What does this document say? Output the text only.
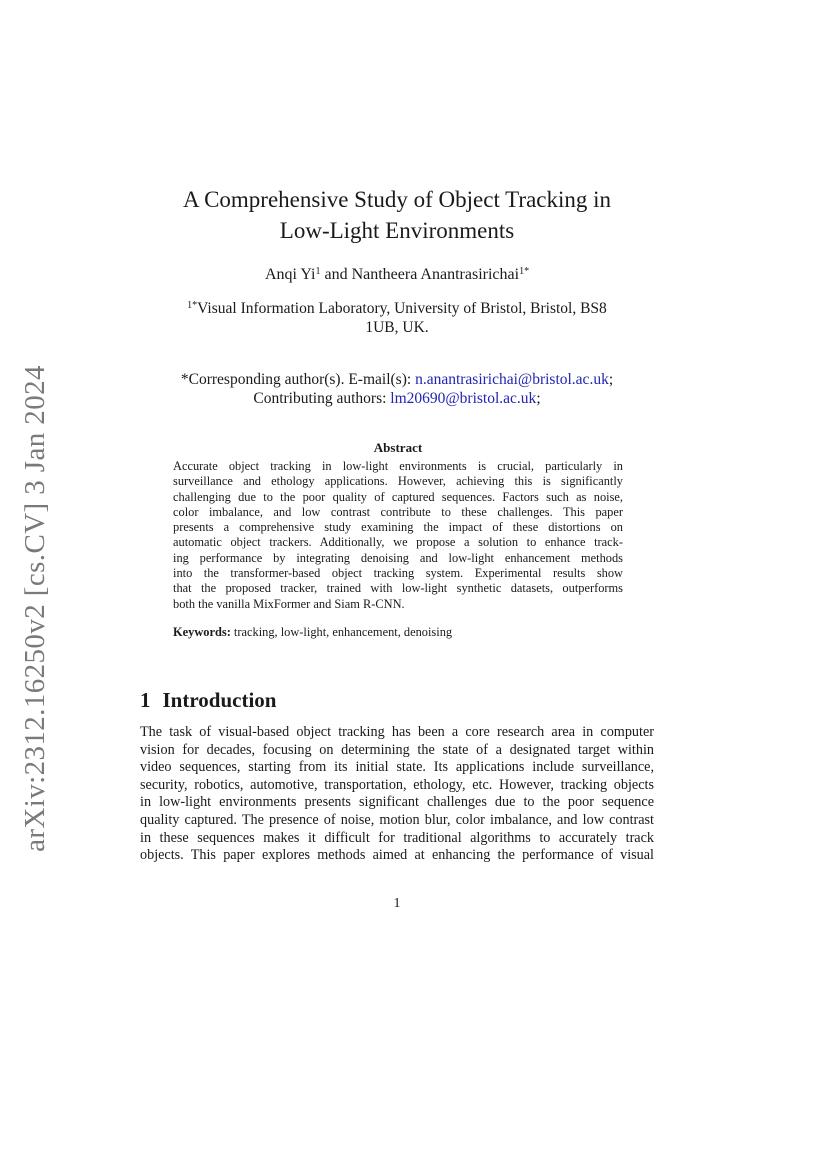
arXiv:2312.16250v2 [cs.CV] 3 Jan 2024
A Comprehensive Study of Object Tracking in
Low-Light Environments
Anqi Yi$^1$ and Nantheera Anantrasirichai$^{1*}$
$^{1*}$Visual Information Laboratory, University of Bristol, Bristol, BS8
1UB, UK.
*Corresponding author(s). E-mail(s): n.anantrasirichai@bristol.ac.uk;
Contributing authors: lm20690@bristol.ac.uk;
Abstract
Accurate object tracking in low-light environments is crucial, particularly in
surveillance and ethology applications. However, achieving this is significantly
challenging due to the poor quality of captured sequences. Factors such as noise,
color imbalance, and low contrast contribute to these challenges. This paper
presents a comprehensive study examining the impact of these distortions on
automatic object trackers. Additionally, we propose a solution to enhance track-
ing performance by integrating denoising and low-light enhancement methods
into the transformer-based object tracking system. Experimental results show
that the proposed tracker, trained with low-light synthetic datasets, outperforms
both the vanilla MixFormer and Siam R-CNN.
Keywords: tracking, low-light, enhancement, denoising
1 Introduction
The task of visual-based object tracking has been a core research area in computer
vision for decades, focusing on determining the state of a designated target within
video sequences, starting from its initial state. Its applications include surveillance,
security, robotics, automotive, transportation, ethology, etc. However, tracking objects
in low-light environments presents significant challenges due to the poor sequence
quality captured. The presence of noise, motion blur, color imbalance, and low contrast
in these sequences makes it difficult for traditional algorithms to accurately track
objects. This paper explores methods aimed at enhancing the performance of visual
1
